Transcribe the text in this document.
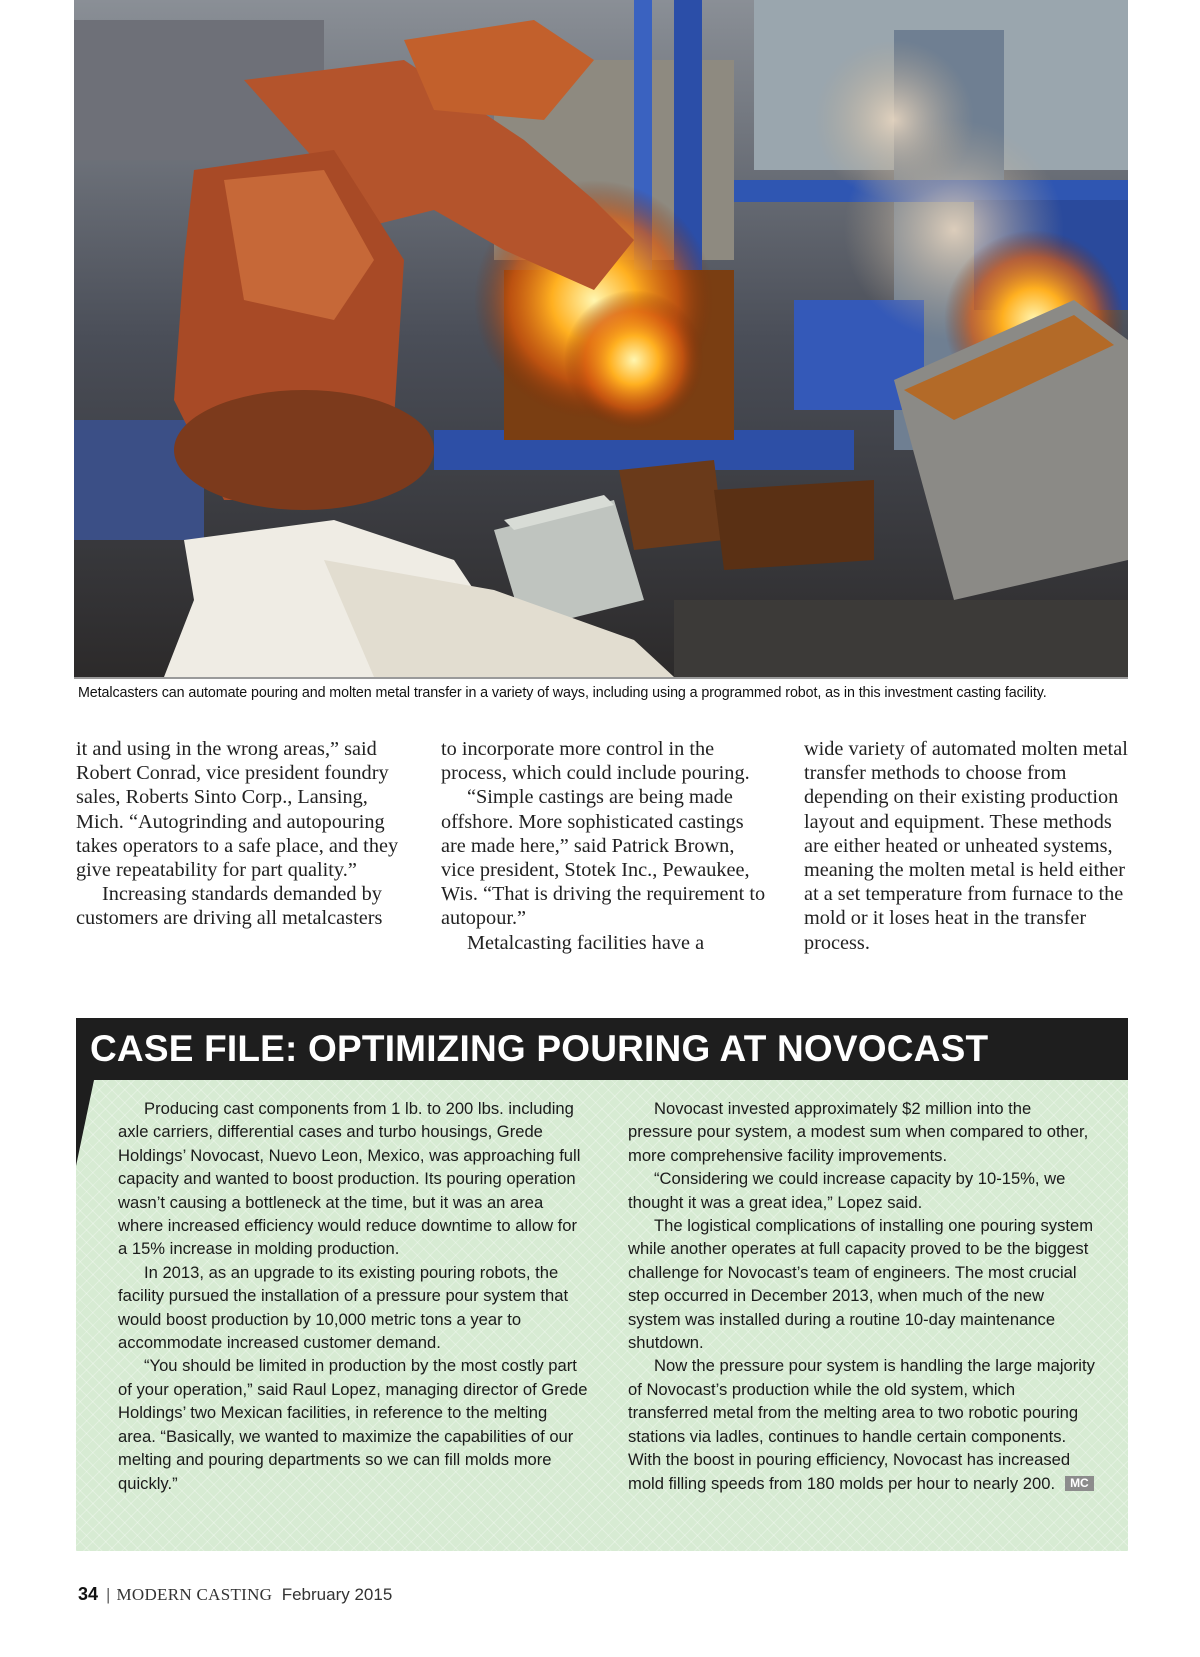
Metalcasters can automate pouring and molten metal transfer in a variety of ways, including using a programmed robot, as in this investment casting facility.

it and using in the wrong areas,” said Robert Conrad, vice president foundry sales, Roberts Sinto Corp., Lansing, Mich. “Autogrinding and autopouring takes operators to a safe place, and they give repeatability for part quality.”

Increasing standards demanded by customers are driving all metalcasters

to incorporate more control in the process, which could include pouring.

“Simple castings are being made offshore. More sophisticated castings are made here,” said Patrick Brown, vice president, Stotek Inc., Pewaukee, Wis. “That is driving the requirement to autopour.”

Metalcasting facilities have a

wide variety of automated molten metal transfer methods to choose from depending on their existing production layout and equipment. These methods are either heated or unheated systems, meaning the molten metal is held either at a set temperature from furnace to the mold or it loses heat in the transfer process.

CASE FILE: OPTIMIZING POURING AT NOVOCAST

Producing cast components from 1 lb. to 200 lbs. including axle carriers, differential cases and turbo housings, Grede Holdings’ Novocast, Nuevo Leon, Mexico, was approaching full capacity and wanted to boost production. Its pouring operation wasn’t causing a bottleneck at the time, but it was an area where increased efficiency would reduce downtime to allow for a 15% increase in molding production.

In 2013, as an upgrade to its existing pouring robots, the facility pursued the installation of a pressure pour system that would boost production by 10,000 metric tons a year to accommodate increased customer demand.

“You should be limited in production by the most costly part of your operation,” said Raul Lopez, managing director of Grede Holdings’ two Mexican facilities, in reference to the melting area. “Basically, we wanted to maximize the capabilities of our melting and pouring departments so we can fill molds more quickly.”

Novocast invested approximately $2 million into the pressure pour system, a modest sum when compared to other, more comprehensive facility improvements.

“Considering we could increase capacity by 10-15%, we thought it was a great idea,” Lopez said.

The logistical complications of installing one pouring system while another operates at full capacity proved to be the biggest challenge for Novocast’s team of engineers. The most crucial step occurred in December 2013, when much of the new system was installed during a routine 10-day maintenance shutdown.

Now the pressure pour system is handling the large majority of Novocast’s production while the old system, which transferred metal from the melting area to two robotic pouring stations via ladles, continues to handle certain components. With the boost in pouring efficiency, Novocast has increased mold filling speeds from 180 molds per hour to nearly 200. MC

34 | MODERN CASTING February 2015
